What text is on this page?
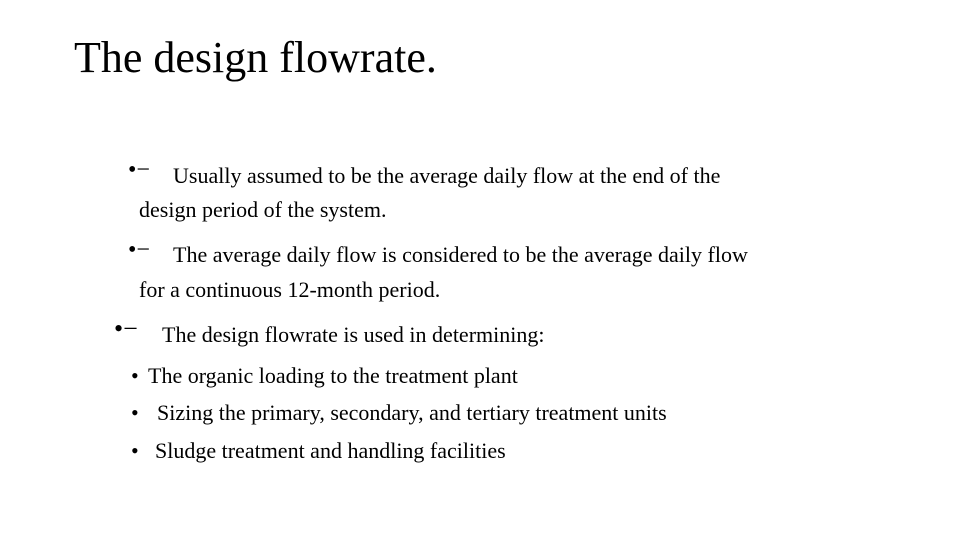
The design flowrate.
•− Usually assumed to be the average daily flow at the end of the
design period of the system.
•− The average daily flow is considered to be the average daily flow
for a continuous 12-month period.
•− The design flowrate is used in determining:
• The organic loading to the treatment plant
• Sizing the primary, secondary, and tertiary treatment units
• Sludge treatment and handling facilities
